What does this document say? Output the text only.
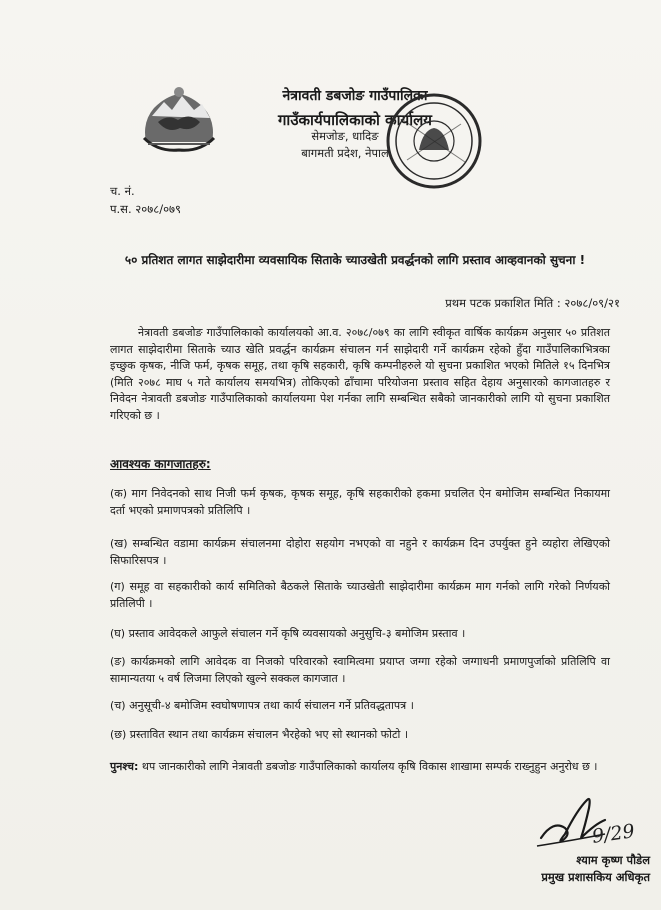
नेत्रावती डबजोङ गाउँपालिका
गाउँकार्यपालिकाको कार्यालय
सेमजोङ, धादिङ
बागमती प्रदेश, नेपाल
च. नं.
प.स. २०७८/०७९
५० प्रतिशत लागत साझेदारीमा व्यवसायिक सिताके च्याउखेती प्रवर्द्धनको लागि प्रस्ताव आव्हवानको सुचना !
प्रथम पटक प्रकाशित मिति : २०७८/०९/२१
नेत्रावती डबजोङ गाउँपालिकाको कार्यालयको आ.व. २०७८/०७९ का लागि स्वीकृत वार्षिक कार्यक्रम अनुसार ५० प्रतिशत लागत साझेदारीमा सिताके च्याउ खेति प्रवर्द्धन कार्यक्रम संचालन गर्न साझेदारी गर्ने कार्यक्रम रहेको हुँदा गाउँपालिकाभित्रका इच्छुक कृषक, नीजि फर्म, कृषक समूह, तथा कृषि सहकारी, कृषि कम्पनीहरुले यो सुचना प्रकाशित भएको मितिले १५ दिनभित्र (मिति २०७८ माघ ५ गते कार्यालय समयभित्र) तोकिएको ढाँचामा परियोजना प्रस्ताव सहित देहाय अनुसारको कागजातहरु र निवेदन नेत्रावती डबजोङ गाउँपालिकाको कार्यालयमा पेश गर्नका लागि सम्बन्धित सबैको जानकारीको लागि यो सुचना प्रकाशित गरिएको छ ।
आवश्यक कागजातहरु:
(क) माग निवेदनको साथ निजी फर्म कृषक, कृषक समूह, कृषि सहकारीको हकमा प्रचलित ऐन बमोजिम सम्बन्धित निकायमा दर्ता भएको प्रमाणपत्रको प्रतिलिपि ।
(ख) सम्बन्धित वडामा कार्यक्रम संचालनमा दोहोरा सहयोग नभएको वा नहुने र कार्यक्रम दिन उपर्युक्त हुने व्यहोरा लेखिएको सिफारिसपत्र ।
(ग) समूह वा सहकारीको कार्य समितिको बैठकले सिताके च्याउखेती साझेदारीमा कार्यक्रम माग गर्नको लागि गरेको निर्णयको प्रतिलिपी ।
(घ) प्रस्ताव आवेदकले आफुले संचालन गर्ने कृषि व्यवसायको अनुसुचि-३ बमोजिम प्रस्ताव ।
(ङ) कार्यक्रमको लागि आवेदक वा निजको परिवारको स्वामित्वमा प्रयाप्त जग्गा रहेको जग्गाधनी प्रमाणपुर्जाको प्रतिलिपि वा सामान्यतया ५ वर्ष लिजमा लिएको खुल्ने सक्कल कागजात ।
(च) अनुसूची-४ बमोजिम स्वघोषणापत्र तथा कार्य संचालन गर्ने प्रतिवद्धतापत्र ।
(छ) प्रस्तावित स्थान तथा कार्यक्रम संचालन भैरहेको भए सो स्थानको फोटो ।
पुनश्च: थप जानकारीको लागि नेत्रावती डबजोङ गाउँपालिकाको कार्यालय कृषि विकास शाखामा सम्पर्क राख्नुहुन अनुरोध छ ।
9/29
श्याम कृष्ण पौडेल
प्रमुख प्रशासकिय अधिकृत
